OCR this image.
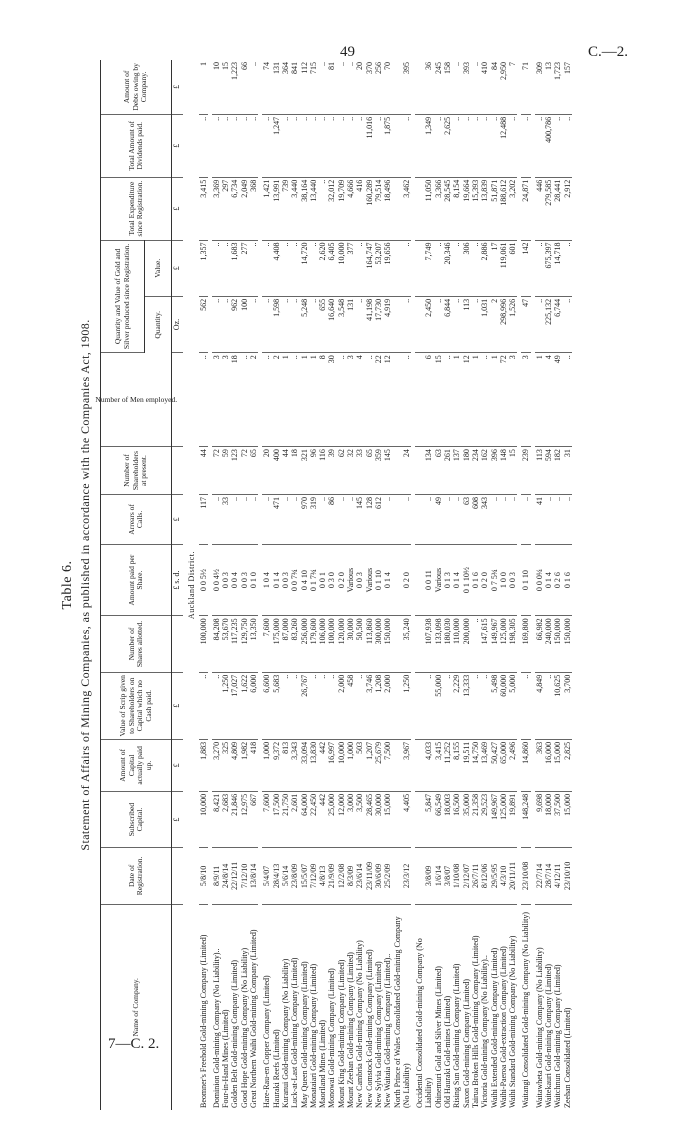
49	C.—2.
7—C. 2.
Table 6. Statement of Affairs of Mining Companies, as published in accordance with the Companies Act, 1908.
Name of Company.	Date of Registration.	Subscribed Capital.	Amount of Capital actually paid up.	Value of Scrip given to Shareholders on Capital which no Cash paid.	Number of Shares allotted.	Amount paid per Share.	Arrears of Calls.	Number of Shareholders at present.	Number of Men employed.	Quantity and Value of Gold and Silver produced since Registration.		Total Expenditure since Registration.	Total Amount of Dividends paid.	Amount of Debts owing by Company.
										Quantity.	Value.			
		£	£	£		£ s. d.	£			Oz.	£	£	£	£
Auckland District.														
Beomner's Freehold Gold-mining Company (Limited)	5/8/10	10,000	1,883	..	100,000	0 0 5½	117	44	..	562	1,357	3,415	..	1

Dominion Gold-mining Company (No Liability)..	8/9/11	8,421	3,270	..	84,208	0 0 4½	..	72	3	..	..	3,369	..	10
Four-in-Hand Mines (Limited)	24/8/14	2,683	325	1,250	53,670	0 0 3	33	59	3	..	..	297	..	15
Golden Belt Gold-mining Company (Limited)	22/12/11	21,846	4,809	17,027	117,235	0 0 4	..	123	18	962	1,683	6,734	..	1,223
Good Hope Gold-mining Company (No Liability)	7/12/10	12,975	1,982	1,622	129,750	0 0 3	..	72	..	100	277	2,049	..	66
Great Northern Waihi Gold-mining Company (Limited)	13/8/14	667	418	6,000	13,350	0 1 0	..	65	2	..	..	368	..	..

Hare-Rau-en Copper Company (Limited)	5/4/07	7,600	1,000	6,600	7,600	1 0 4	..	20	..	..	..	1,421	..	74
Hauraki Reefs (Limited)	28/4/13	17,500	9,372	5,683	175,000	0 1 4	471	400	2	1,598	4,408	13,991	1,247	131
Kuranui Gold-mining Company (No Liability)	5/6/14	21,750	813	..	87,000	0 0 3	..	44	1	..	..	739	..	364
Luck-at-Last Gold-mining Company (Limited)	23/8/09	2,601	3,343	..	83,260	0 0 7¾	..	18	..	..	..	3,440	..	841
May Queen Gold-mining Company (Limited)	15/5/07	64,000	33,094	26,767	256,000	0 4 10	970	321	1	5,248	14,720	38,164	..	112
Monataiari Gold-mining Company (Limited)	7/12/09	22,450	13,830	..	179,600	0 1 7¾	319	96	1	..	..	13,440	..	715
Maoriland Mines (Limited)	4/8/13	442	442	..	106,000	0 0 1	..	116	8	655	2,620	..	..	..
Monowai Gold-mining Company (Limited)	21/9/09	25,000	16,997	..	100,000	0 3 0	86	39	30	16,640	6,405	32,012	..	81
Mount King Gold-mining Company (Limited)	12/2/08	12,000	10,000	2,000	120,000	0 2 0	..	62	..	3,548	10,000	19,709	..	..
Mount Zeehan Gold-mining Company (Limited)	8/3/09	3,000	1,000	458	30,000	Various	..	32	3	131	377	4,666	..	..
New Cambria Gold-mining Company (No Liability)	23/6/14	3,500	503	..	50,500	0 0 3	145	33	4	..	..	416	..	20
New Comstock Gold-mining Company (Limited)	23/11/09	28,465	1,207	3,746	113,860	Various	128	65	..	41,198	164,747	160,289	11,016	370
New Sylvia Gold-mining Company (Limited)	30/6/09	30,000	25,679	1,208	300,000	0 1 10	612	359	22	17,730	53,207	79,514	..	256
New Waitaia Gold-mining Company (Limited)..	25/2/09	15,000	7,500	2,000	150,000	0 1 4	..	145	12	4,919	19,656	18,496	1,875	70
North Prince of Wales Consolidated Gold-mining Company (No Liability)	23/3/12	4,405	3,967	1,250	35,240	0 2 0	..	24	..	..	..	3,462	..	395

Occidental Consolidated Gold-mining Company (No Liability)	3/8/09	5,847	4,033	..	107,938	0 0 11	..	134	6	2,450	7,749	11,050	1,349	36
Ohinemuri Gold and Silver Mines (Limited)	1/6/14	66,549	3,415	55,000	133,098	Various	49	63	15	..	..	3,366	..	245
Old Hauraki Gold-mines (Limited)	3/8/07	18,003	11,252	..	180,030	0 1 3	..	261	..	6,844	20,346	28,545	2,625	158
Rising Sun Gold-mining Company (Limited)	1/10/08	16,500	8,155	2,229	110,000	0 1 4	..	137	1	..	..	8,154	..	..
Saxon Gold-mining Company (Limited)	2/12/07	35,000	19,511	13,333	200,000	0 1 10½	63	180	12	113	306	19,664	..	393
Tairua Broken Hills Gold-mining Company (Limited)	26/7/11	21,358	14,750	..	..	0 1 6	608	234	1	..	..	15,393	..	..
Victoria Gold-mining Company (No Liability)..	8/12/06	29,523	13,469	..	147,615	0 2 0	343	162	..	1,031	2,886	13,839	..	410
Waihi Extended Gold-mining Company (Limited)	29/5/95	149,967	50,427	5,498	149,967	0 7 5¾	..	396	1	2	17	51,871	..	84
Waihi-Paeroa Gold-extraction Company (Limited)	4/3/10	125,000	65,000	60,000	125,000	1 0 0	..	148	72	298,996	119,061	188,612	12,488	2,950
Waihi Standard Gold-mining Company (No Liability)	20/11/11	19,891	2,496	5,000	198,305	0 0 3	..	15	3	1,526	601	3,202	..	7

Waitangi Consolidated Gold-mining Company (No Liability)	23/10/08	148,248	14,860	..	169,800	0 1 10	..	239	3	47	142	24,871	..	71

Waitawheta Gold-mining Company (No Liability)	22/7/14	9,698	363	4,849	66,982	0 0 0¼	41	113	1	..	..	446	..	309
Waitekauri Gold-mining Company (Limited)	28/7/14	18,000	16,000	..	240,000	0 1 4	..	594	4	225,132	675,397	279,585	400,786	13
Waitchnun Gold-mining Company (Limited)	4/12/11	37,500	15,000	10,625	150,000	0 2 6	..	182	49	6,744	14,718	28,441	..	1,723
Zeehan Consolidated (Limited)	23/10/10	15,000	2,825	3,700	150,000	0 1 6	..	31	..	..	..	2,912	..	157
